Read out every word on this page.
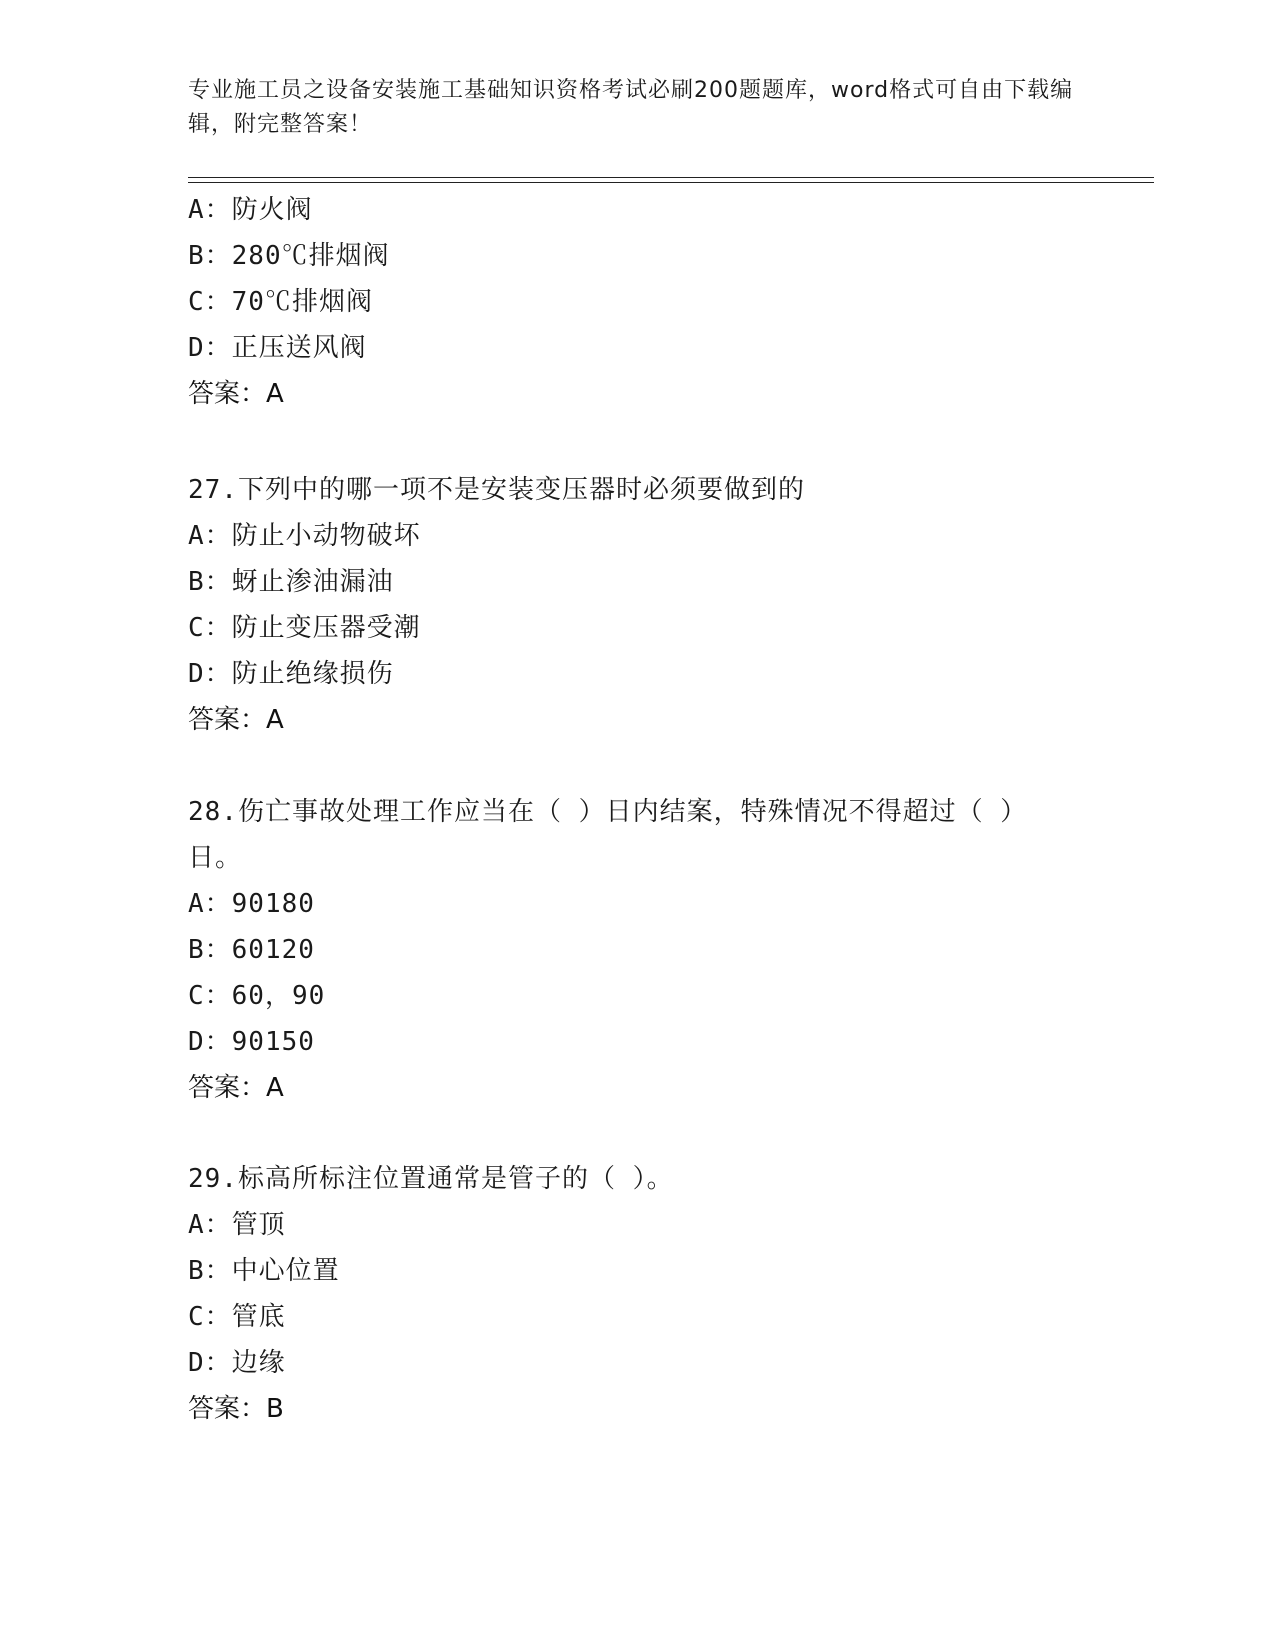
专业施工员之设备安装施工基础知识资格考试必刷200题题库，word格式可自由下载编辑，附完整答案！
A：防火阀
B：280℃排烟阀
C：70℃排烟阀
D：正压送风阀
答案：A
27.下列中的哪一项不是安装变压器时必须要做到的
A：防止小动物破坏
B：蚜止渗油漏油
C：防止变压器受潮
D：防止绝缘损伤
答案：A
28.伤亡事故处理工作应当在（ ）日内结案，特殊情况不得超过（ ）日。
A：90180
B：60120
C：60，90
D：90150
答案：A
29.标高所标注位置通常是管子的（ ）。
A：管顶
B：中心位置
C：管底
D：边缘
答案：B
